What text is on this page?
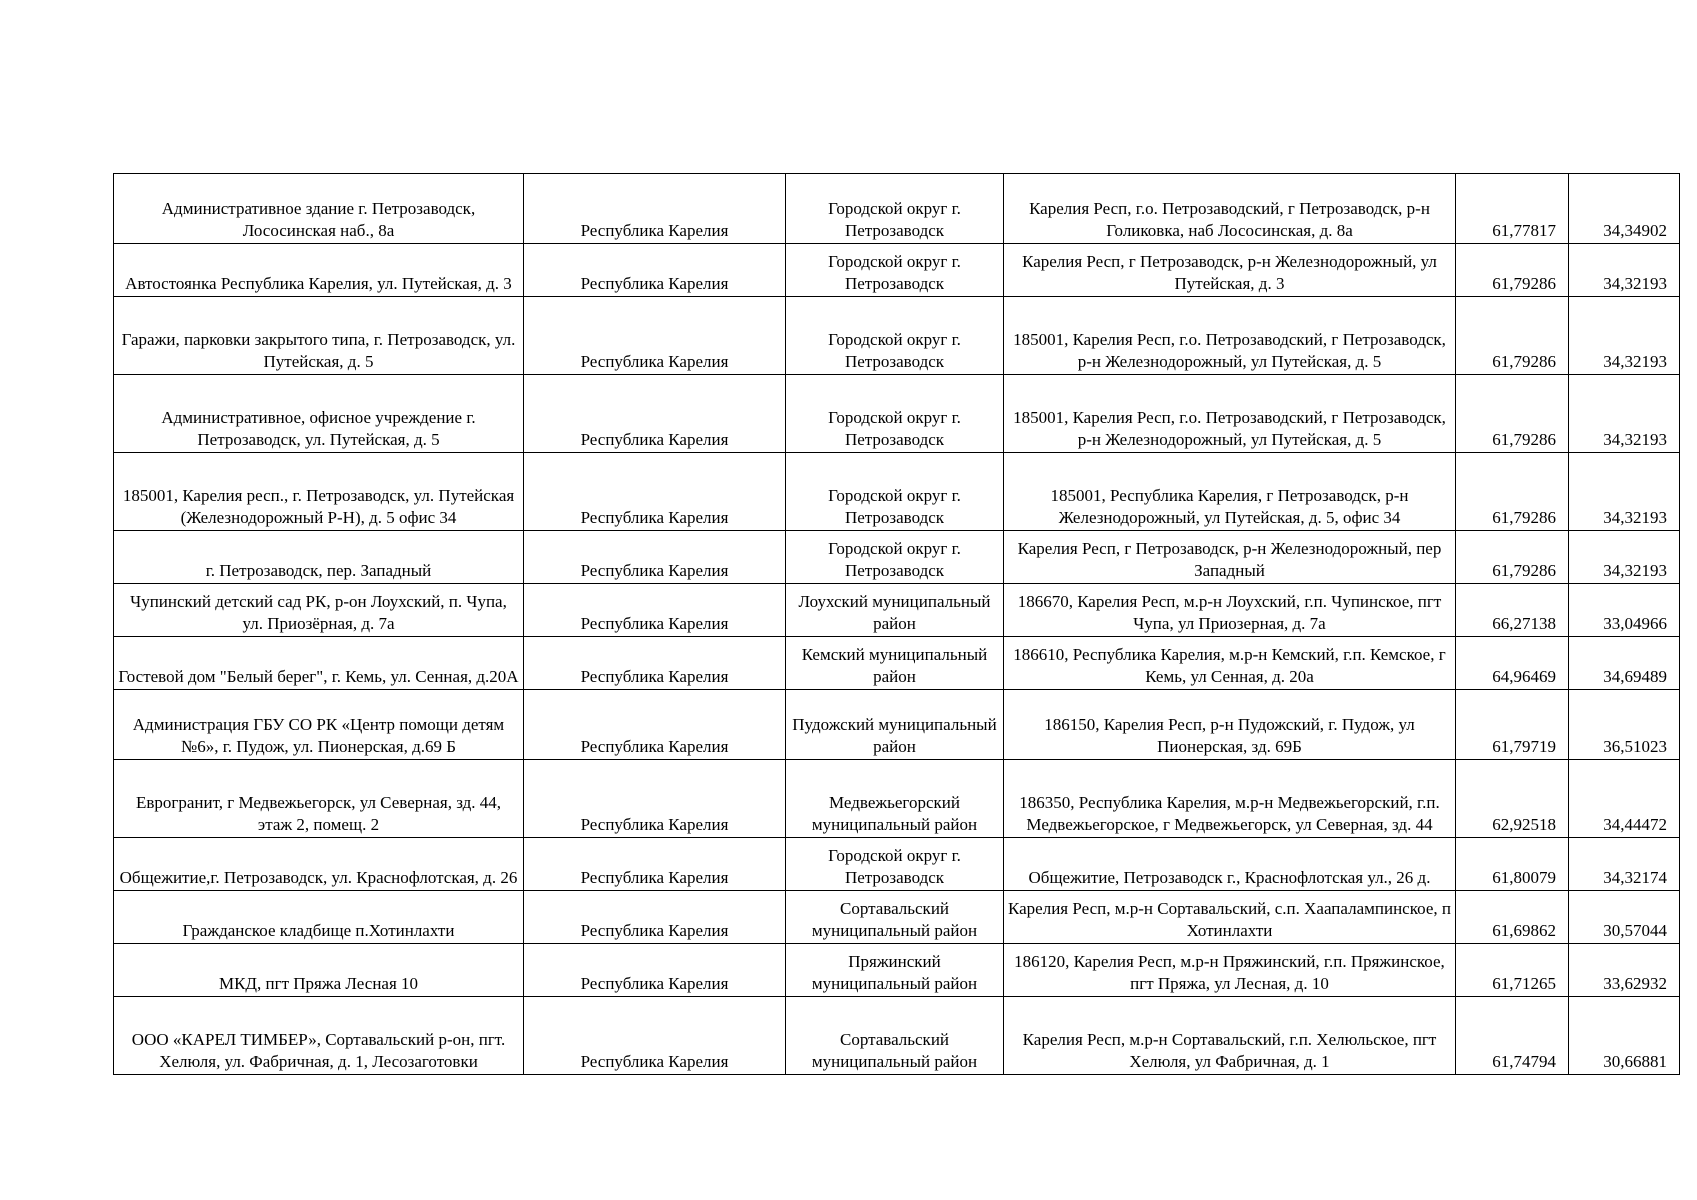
Административное здание г. Петрозаводск, Лососинская наб., 8а	Республика Карелия	Городской округ г. Петрозаводск	Карелия Респ, г.о. Петрозаводский, г Петрозаводск, р-н Голиковка, наб Лососинская, д. 8а	61,77817	34,34902
Автостоянка Республика Карелия, ул. Путейская, д. 3	Республика Карелия	Городской округ г. Петрозаводск	Карелия Респ, г Петрозаводск, р-н Железнодорожный, ул Путейская, д. 3	61,79286	34,32193
Гаражи, парковки закрытого типа, г. Петрозаводск, ул. Путейская, д. 5	Республика Карелия	Городской округ г. Петрозаводск	185001, Карелия Респ, г.о. Петрозаводский, г Петрозаводск, р-н Железнодорожный, ул Путейская, д. 5	61,79286	34,32193
Административное, офисное учреждение г. Петрозаводск, ул. Путейская, д. 5	Республика Карелия	Городской округ г. Петрозаводск	185001, Карелия Респ, г.о. Петрозаводский, г Петрозаводск, р-н Железнодорожный, ул Путейская, д. 5	61,79286	34,32193
185001, Карелия респ., г. Петрозаводск, ул. Путейская (Железнодорожный Р-Н), д. 5 офис 34	Республика Карелия	Городской округ г. Петрозаводск	185001, Республика Карелия, г Петрозаводск, р-н Железнодорожный, ул Путейская, д. 5, офис 34	61,79286	34,32193
г. Петрозаводск, пер. Западный	Республика Карелия	Городской округ г. Петрозаводск	Карелия Респ, г Петрозаводск, р-н Железнодорожный, пер Западный	61,79286	34,32193
Чупинский детский сад РК, р-он Лоухский, п. Чупа, ул. Приозёрная, д. 7а	Республика Карелия	Лоухский муниципальный район	186670, Карелия Респ, м.р-н Лоухский, г.п. Чупинское, пгт Чупа, ул Приозерная, д. 7а	66,27138	33,04966
Гостевой дом "Белый берег", г. Кемь, ул. Сенная, д.20А	Республика Карелия	Кемский муниципальный район	186610, Республика Карелия, м.р-н Кемский, г.п. Кемское, г Кемь, ул Сенная, д. 20а	64,96469	34,69489
Администрация ГБУ СО РК «Центр помощи детям №6», г. Пудож, ул. Пионерская, д.69 Б	Республика Карелия	Пудожский муниципальный район	186150, Карелия Респ, р-н Пудожский, г. Пудож, ул Пионерская, зд. 69Б	61,79719	36,51023
Еврогранит, г Медвежьегорск, ул Северная, зд. 44, этаж 2, помещ. 2	Республика Карелия	Медвежьегорский муниципальный район	186350, Республика Карелия, м.р-н Медвежьегорский, г.п. Медвежьегорское, г Медвежьегорск, ул Северная, зд. 44	62,92518	34,44472
Общежитие,г. Петрозаводск, ул. Краснофлотская, д. 26	Республика Карелия	Городской округ г. Петрозаводск	Общежитие, Петрозаводск г., Краснофлотская ул., 26 д.	61,80079	34,32174
Гражданское кладбище п.Хотинлахти	Республика Карелия	Сортавальский муниципальный район	Карелия Респ, м.р-н Сортавальский, с.п. Хаапалампинское, п Хотинлахти	61,69862	30,57044
МКД, пгт Пряжа Лесная 10	Республика Карелия	Пряжинский муниципальный район	186120, Карелия Респ, м.р-н Пряжинский, г.п. Пряжинское, пгт Пряжа, ул Лесная, д. 10	61,71265	33,62932
ООО «КАРЕЛ ТИМБЕР», Сортавальский р-он, пгт. Хелюля, ул. Фабричная, д. 1, Лесозаготовки	Республика Карелия	Сортавальский муниципальный район	Карелия Респ, м.р-н Сортавальский, г.п. Хелюльское, пгт Хелюля, ул Фабричная, д. 1	61,74794	30,66881
